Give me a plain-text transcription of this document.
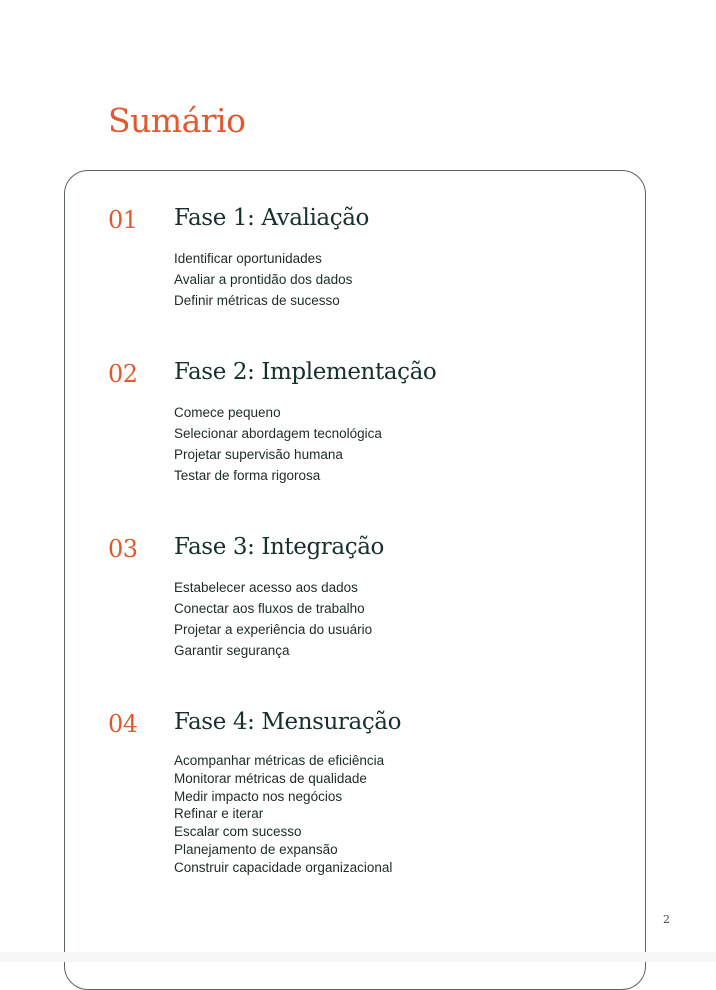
Sumário
01 Fase 1: Avaliação
Identificar oportunidades
Avaliar a prontidão dos dados
Definir métricas de sucesso
02 Fase 2: Implementação
Comece pequeno
Selecionar abordagem tecnológica
Projetar supervisão humana
Testar de forma rigorosa
03 Fase 3: Integração
Estabelecer acesso aos dados
Conectar aos fluxos de trabalho
Projetar a experiência do usuário
Garantir segurança
04 Fase 4: Mensuração
Acompanhar métricas de eficiência
Monitorar métricas de qualidade
Medir impacto nos negócios
Refinar e iterar
Escalar com sucesso
Planejamento de expansão
Construir capacidade organizacional
2
